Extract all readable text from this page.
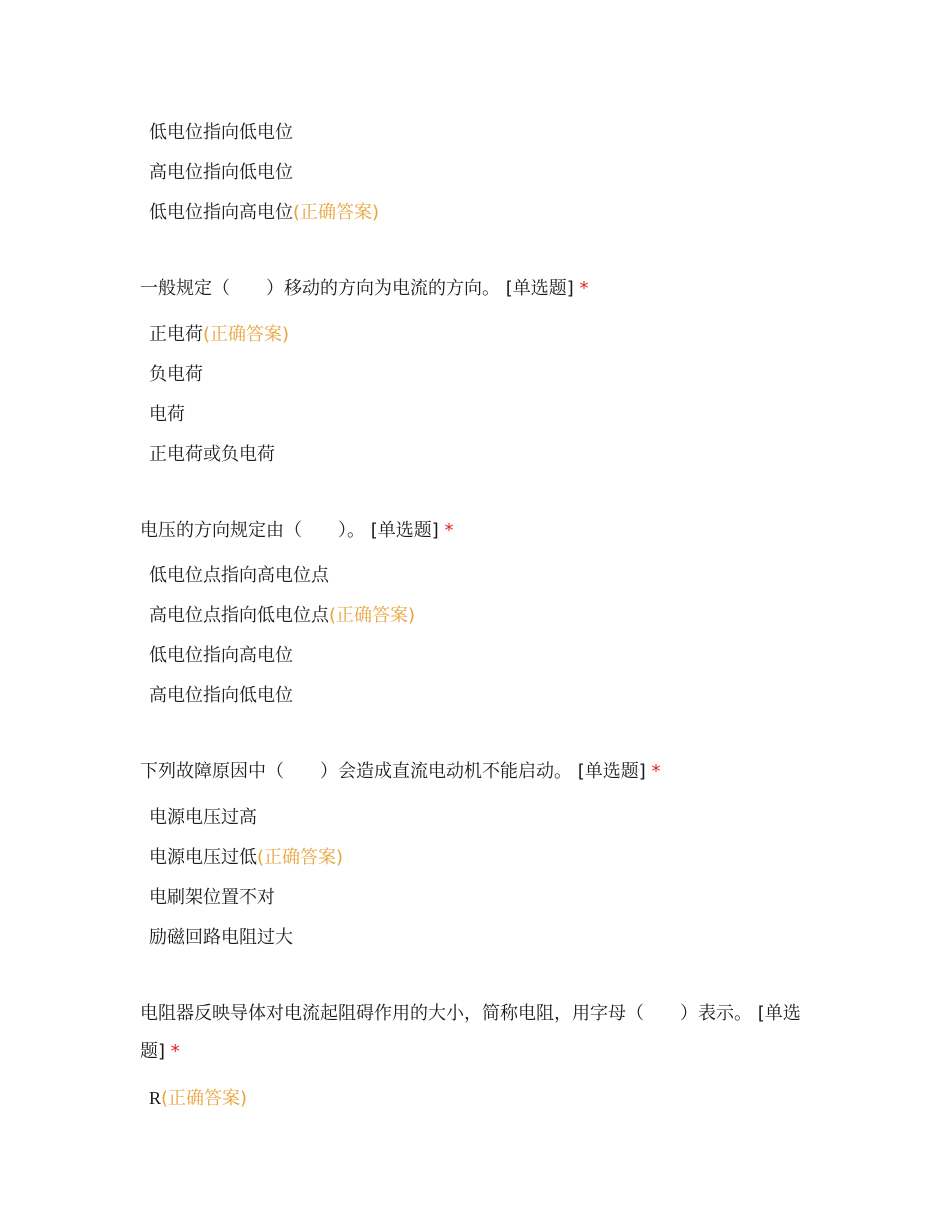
低电位指向低电位
高电位指向低电位
低电位指向高电位(正确答案)
一般规定（　　）移动的方向为电流的方向。 [单选题] *
正电荷(正确答案)
负电荷
电荷
正电荷或负电荷
电压的方向规定由（　　）。 [单选题] *
低电位点指向高电位点
高电位点指向低电位点(正确答案)
低电位指向高电位
高电位指向低电位
下列故障原因中（　　）会造成直流电动机不能启动。 [单选题] *
电源电压过高
电源电压过低(正确答案)
电刷架位置不对
励磁回路电阻过大
电阻器反映导体对电流起阻碍作用的大小，简称电阻，用字母（　　）表示。 [单选题] *
R(正确答案)
